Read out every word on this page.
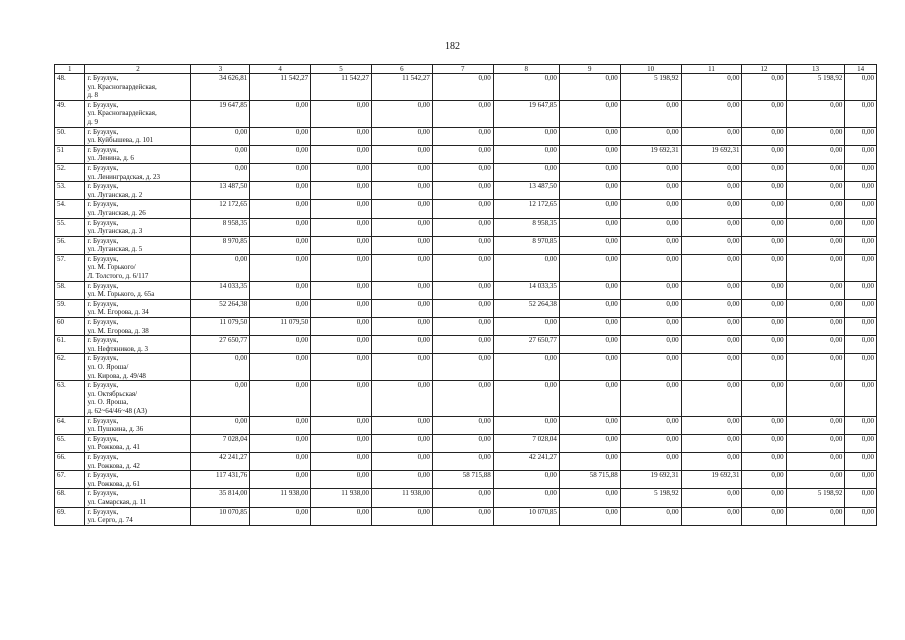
182
1	2	3	4	5	6	7	8	9	10	11	12	13	14
48.	г. Бузулук,
ул. Красногвардейская,
д. 8	34 626,81	11 542,27	11 542,27	11 542,27	0,00	0,00	0,00	5 198,92	0,00	0,00	5 198,92	0,00
49.	г. Бузулук,
ул. Красногвардейская,
д. 9	19 647,85	0,00	0,00	0,00	0,00	19 647,85	0,00	0,00	0,00	0,00	0,00	0,00
50.	г. Бузулук,
ул. Куйбышева, д. 101	0,00	0,00	0,00	0,00	0,00	0,00	0,00	0,00	0,00	0,00	0,00	0,00
51	г. Бузулук,
ул. Ленина, д. 6	0,00	0,00	0,00	0,00	0,00	0,00	0,00	19 692,31	19 692,31	0,00	0,00	0,00
52.	г. Бузулук,
ул. Ленинградская, д. 23	0,00	0,00	0,00	0,00	0,00	0,00	0,00	0,00	0,00	0,00	0,00	0,00
53.	г. Бузулук,
ул. Луганская, д. 2	13 487,50	0,00	0,00	0,00	0,00	13 487,50	0,00	0,00	0,00	0,00	0,00	0,00
54.	г. Бузулук,
ул. Луганская, д. 26	12 172,65	0,00	0,00	0,00	0,00	12 172,65	0,00	0,00	0,00	0,00	0,00	0,00
55.	г. Бузулук,
ул. Луганская, д. 3	8 958,35	0,00	0,00	0,00	0,00	8 958,35	0,00	0,00	0,00	0,00	0,00	0,00
56.	г. Бузулук,
ул. Луганская, д. 5	8 970,85	0,00	0,00	0,00	0,00	8 970,85	0,00	0,00	0,00	0,00	0,00	0,00
57.	г. Бузулук,
ул. М. Горького/
Л. Толстого, д. 6/117	0,00	0,00	0,00	0,00	0,00	0,00	0,00	0,00	0,00	0,00	0,00	0,00
58.	г. Бузулук,
ул. М. Горького, д. 65а	14 033,35	0,00	0,00	0,00	0,00	14 033,35	0,00	0,00	0,00	0,00	0,00	0,00
59.	г. Бузулук,
ул. М. Егорова, д. 34	52 264,38	0,00	0,00	0,00	0,00	52 264,38	0,00	0,00	0,00	0,00	0,00	0,00
60	г. Бузулук,
ул. М. Егорова, д. 38	11 079,50	11 079,50	0,00	0,00	0,00	0,00	0,00	0,00	0,00	0,00	0,00	0,00
61.	г. Бузулук,
ул. Нефтяников, д. 3	27 650,77	0,00	0,00	0,00	0,00	27 650,77	0,00	0,00	0,00	0,00	0,00	0,00
62.	г. Бузулук,
ул. О. Яроша/
ул. Кирова, д. 49/48	0,00	0,00	0,00	0,00	0,00	0,00	0,00	0,00	0,00	0,00	0,00	0,00
63.	г. Бузулук,
ул. Октябрьская/
ул. О. Яроша,
д. 62~64/46~48 (А3)	0,00	0,00	0,00	0,00	0,00	0,00	0,00	0,00	0,00	0,00	0,00	0,00
64.	г. Бузулук,
ул. Пушкина, д. 36	0,00	0,00	0,00	0,00	0,00	0,00	0,00	0,00	0,00	0,00	0,00	0,00
65.	г. Бузулук,
ул. Рожкова, д. 41	7 028,04	0,00	0,00	0,00	0,00	7 028,04	0,00	0,00	0,00	0,00	0,00	0,00
66.	г. Бузулук,
ул. Рожкова, д. 42	42 241,27	0,00	0,00	0,00	0,00	42 241,27	0,00	0,00	0,00	0,00	0,00	0,00
67.	г. Бузулук,
ул. Рожкова, д. 61	117 431,76	0,00	0,00	0,00	58 715,88	0,00	58 715,88	19 692,31	19 692,31	0,00	0,00	0,00
68.	г. Бузулук,
ул. Самарская, д. 11	35 814,00	11 938,00	11 938,00	11 938,00	0,00	0,00	0,00	5 198,92	0,00	0,00	5 198,92	0,00
69.	г. Бузулук,
ул. Серго, д. 74	10 070,85	0,00	0,00	0,00	0,00	10 070,85	0,00	0,00	0,00	0,00	0,00	0,00
